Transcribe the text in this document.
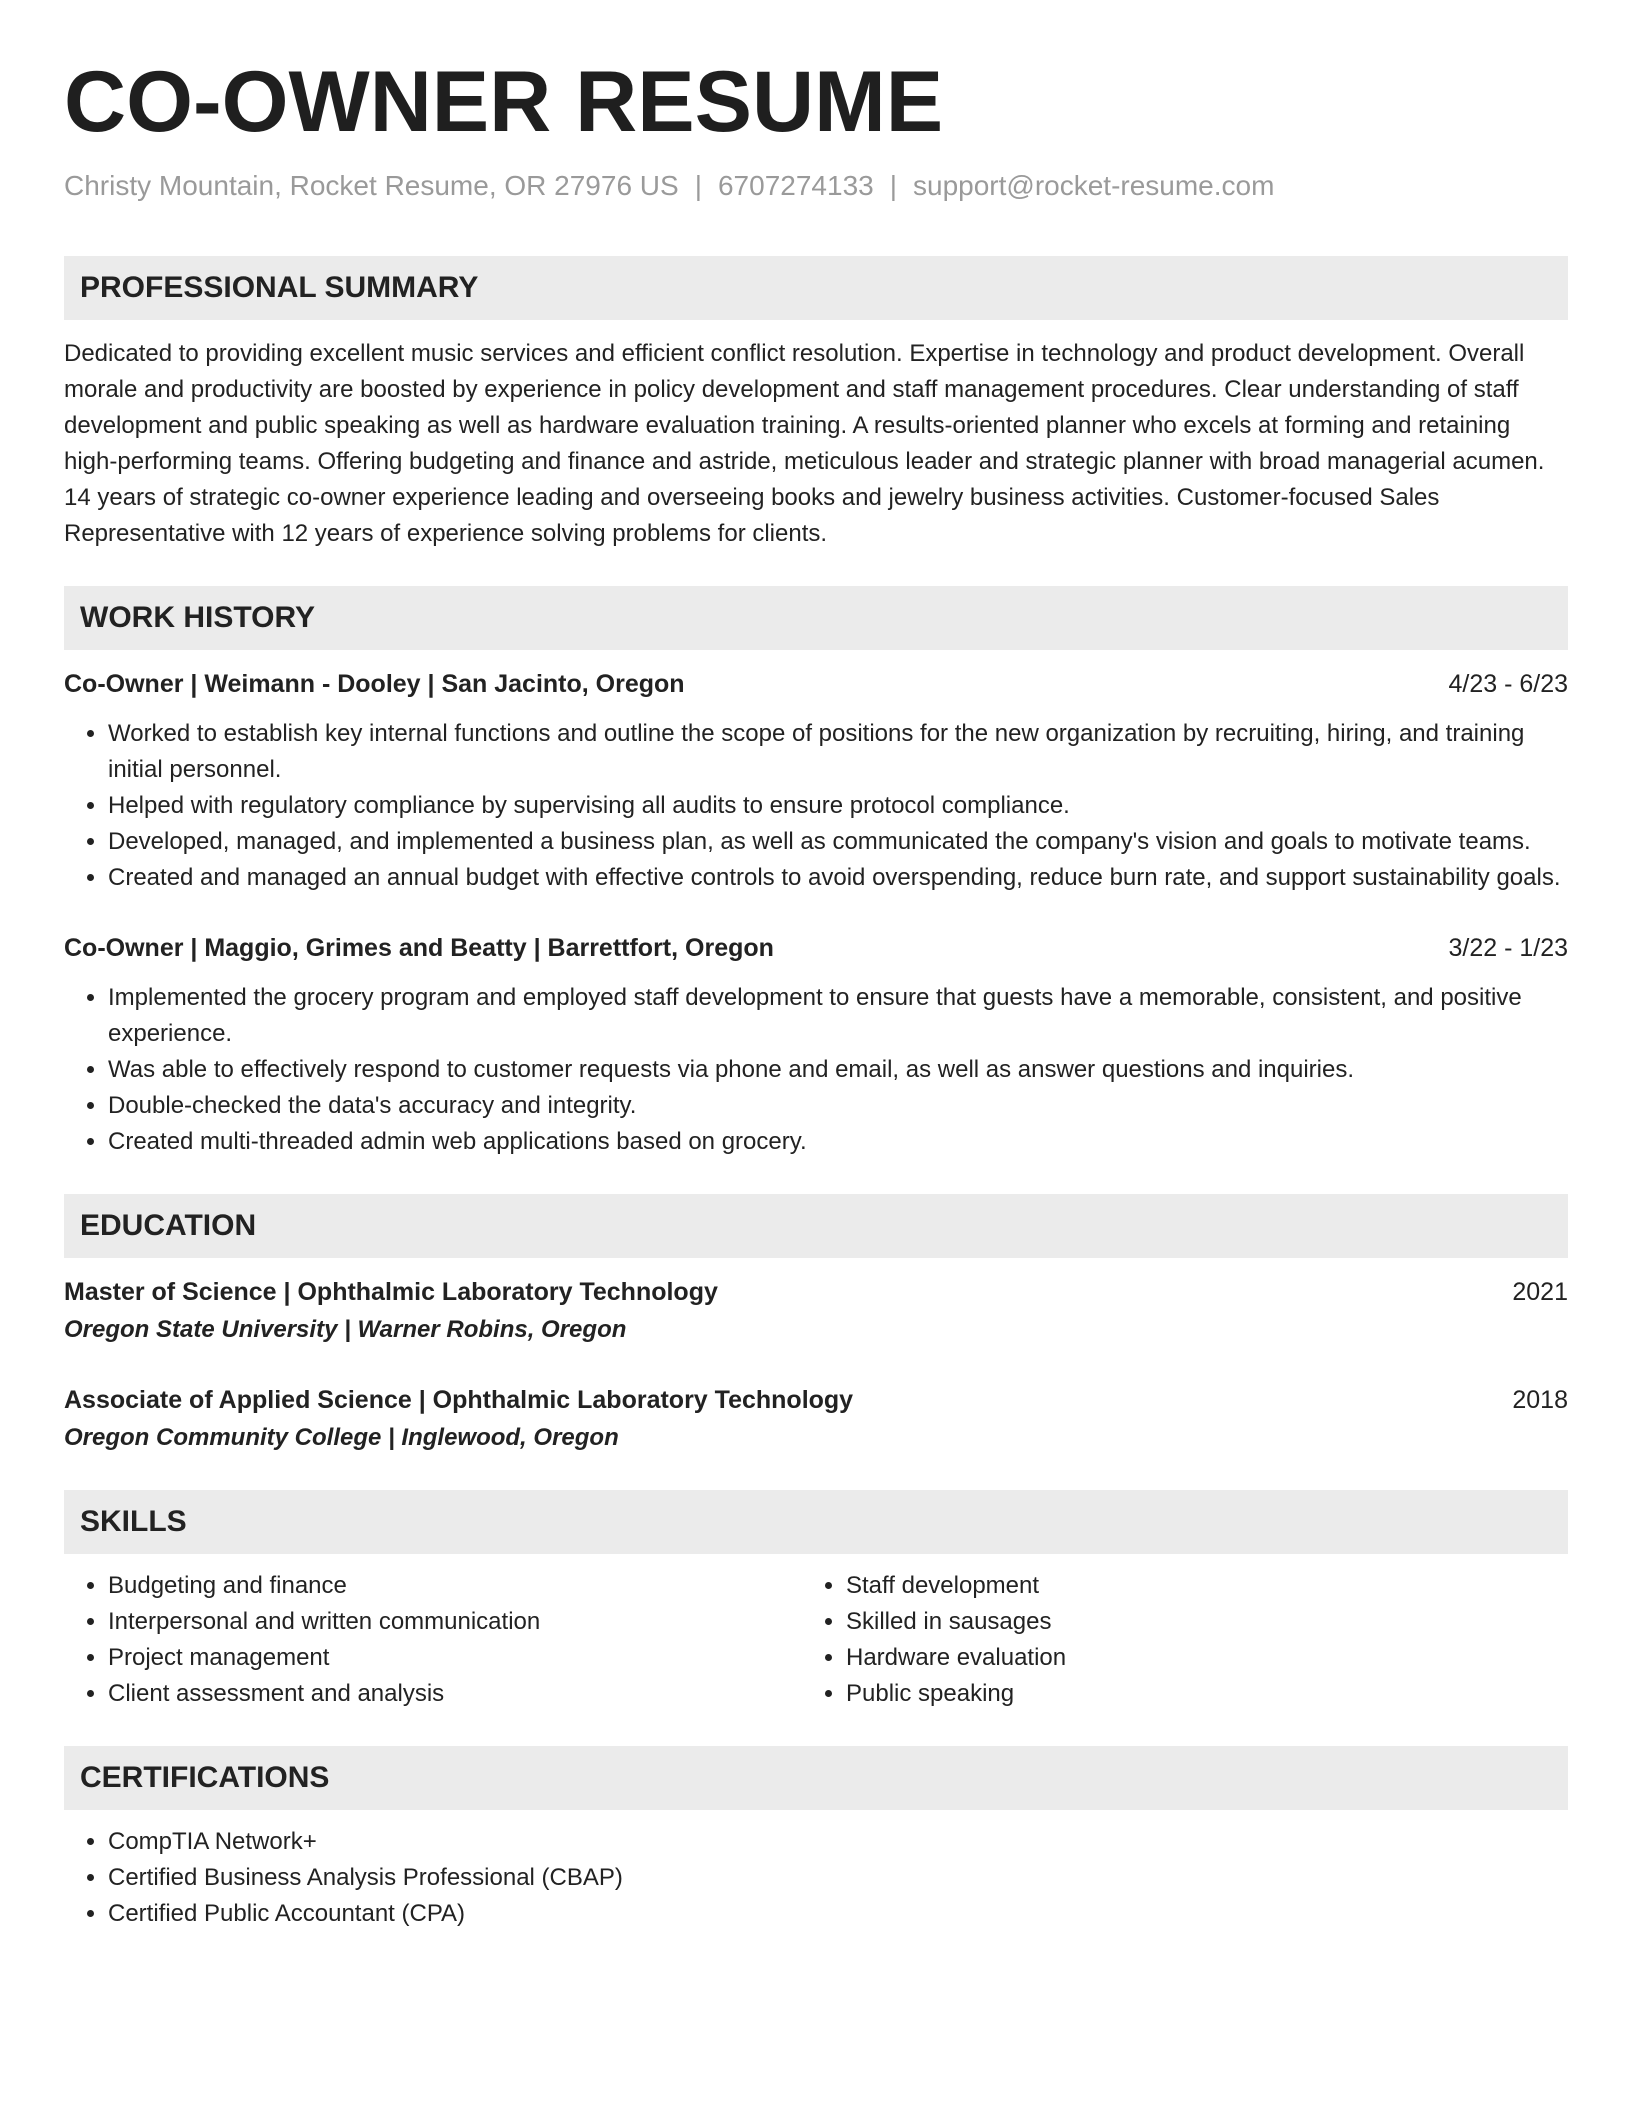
CO-OWNER RESUME
Christy Mountain, Rocket Resume, OR 27976 US | 6707274133 | support@rocket-resume.com
PROFESSIONAL SUMMARY

Dedicated to providing excellent music services and efficient conflict resolution. Expertise in technology and product development. Overall morale and productivity are boosted by experience in policy development and staff management procedures. Clear understanding of staff development and public speaking as well as hardware evaluation training. A results-oriented planner who excels at forming and retaining high-performing teams. Offering budgeting and finance and astride, meticulous leader and strategic planner with broad managerial acumen. 14 years of strategic co-owner experience leading and overseeing books and jewelry business activities. Customer-focused Sales Representative with 12 years of experience solving problems for clients.

WORK HISTORY
Co-Owner | Weimann - Dooley | San Jacinto, Oregon	4/23 - 6/23
• Worked to establish key internal functions and outline the scope of positions for the new organization by recruiting, hiring, and training initial personnel.
• Helped with regulatory compliance by supervising all audits to ensure protocol compliance.
• Developed, managed, and implemented a business plan, as well as communicated the company's vision and goals to motivate teams.
• Created and managed an annual budget with effective controls to avoid overspending, reduce burn rate, and support sustainability goals.
Co-Owner | Maggio, Grimes and Beatty | Barrettfort, Oregon	3/22 - 1/23
• Implemented the grocery program and employed staff development to ensure that guests have a memorable, consistent, and positive experience.
• Was able to effectively respond to customer requests via phone and email, as well as answer questions and inquiries.
• Double-checked the data's accuracy and integrity.
• Created multi-threaded admin web applications based on grocery.
EDUCATION
Master of Science | Ophthalmic Laboratory Technology	2021
Oregon State University | Warner Robins, Oregon
Associate of Applied Science | Ophthalmic Laboratory Technology	2018
Oregon Community College | Inglewood, Oregon
SKILLS
• Budgeting and finance
• Interpersonal and written communication
• Project management
• Client assessment and analysis
• Staff development
• Skilled in sausages
• Hardware evaluation
• Public speaking
CERTIFICATIONS
• CompTIA Network+
• Certified Business Analysis Professional (CBAP)
• Certified Public Accountant (CPA)
